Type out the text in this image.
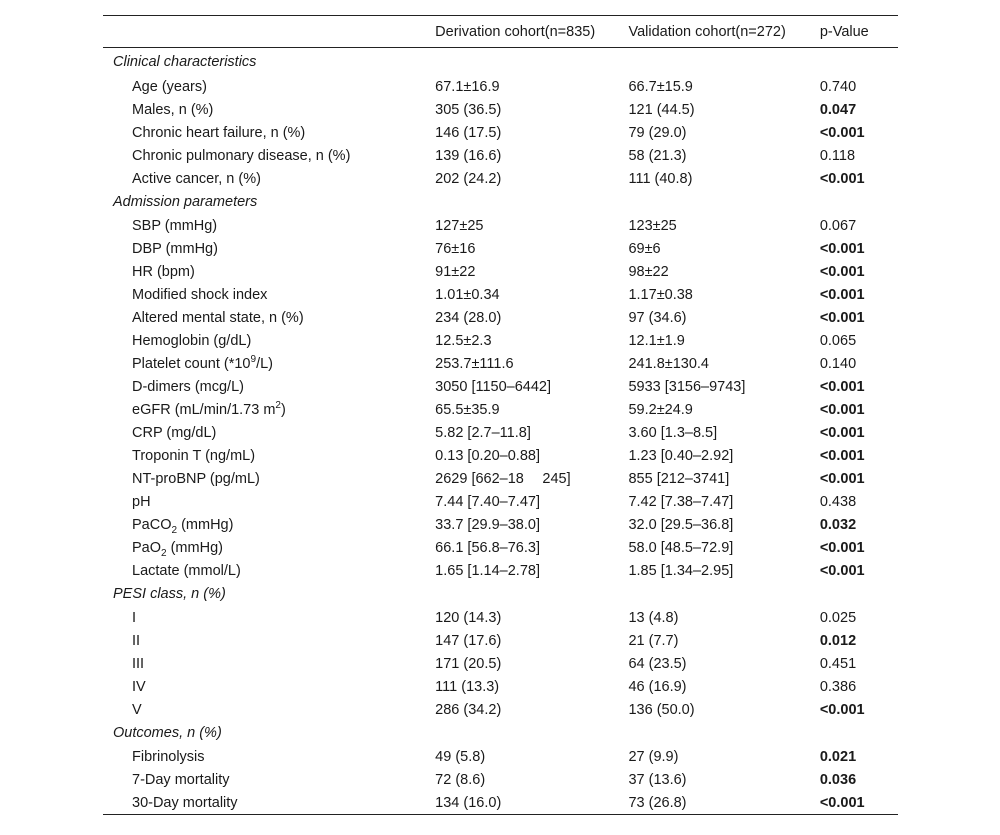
	Derivation cohort(n=835)	Validation cohort(n=272)	p-Value
Clinical characteristics			
Age (years)	67.1±16.9	66.7±15.9	0.740
Males, n (%)	305 (36.5)	121 (44.5)	0.047
Chronic heart failure, n (%)	146 (17.5)	79 (29.0)	<0.001
Chronic pulmonary disease, n (%)	139 (16.6)	58 (21.3)	0.118
Active cancer, n (%)	202 (24.2)	111 (40.8)	<0.001
Admission parameters			
SBP (mmHg)	127±25	123±25	0.067
DBP (mmHg)	76±16	69±6	<0.001
HR (bpm)	91±22	98±22	<0.001
Modified shock index	1.01±0.34	1.17±0.38	<0.001
Altered mental state, n (%)	234 (28.0)	97 (34.6)	<0.001
Hemoglobin (g/dL)	12.5±2.3	12.1±1.9	0.065
Platelet count $(*10^9/L)$	253.7±111.6	241.8±130.4	0.140
D-dimers (mcg/L)	3050 [1150–6442]	5933 [3156–9743]	<0.001
eGFR (mL/min/1.73 $m^2$)	65.5±35.9	59.2±24.9	<0.001
CRP (mg/dL)	5.82 [2.7–11.8]	3.60 [1.3–8.5]	<0.001
Troponin T (ng/mL)	0.13 [0.20–0.88]	1.23 [0.40–2.92]	<0.001
NT-proBNP (pg/mL)	2629 [662–18  245]	855 [212–3741]	<0.001
pH	7.44 [7.40–7.47]	7.42 [7.38–7.47]	0.438
PaCO$_2$ (mmHg)	33.7 [29.9–38.0]	32.0 [29.5–36.8]	0.032
PaO$_2$ (mmHg)	66.1 [56.8–76.3]	58.0 [48.5–72.9]	<0.001
Lactate (mmol/L)	1.65 [1.14–2.78]	1.85 [1.34–2.95]	<0.001
PESI class, n (%)			
I	120 (14.3)	13 (4.8)	0.025
II	147 (17.6)	21 (7.7)	0.012
III	171 (20.5)	64 (23.5)	0.451
IV	111 (13.3)	46 (16.9)	0.386
V	286 (34.2)	136 (50.0)	<0.001
Outcomes, n (%)			
Fibrinolysis	49 (5.8)	27 (9.9)	0.021
7-Day mortality	72 (8.6)	37 (13.6)	0.036
30-Day mortality	134 (16.0)	73 (26.8)	<0.001
